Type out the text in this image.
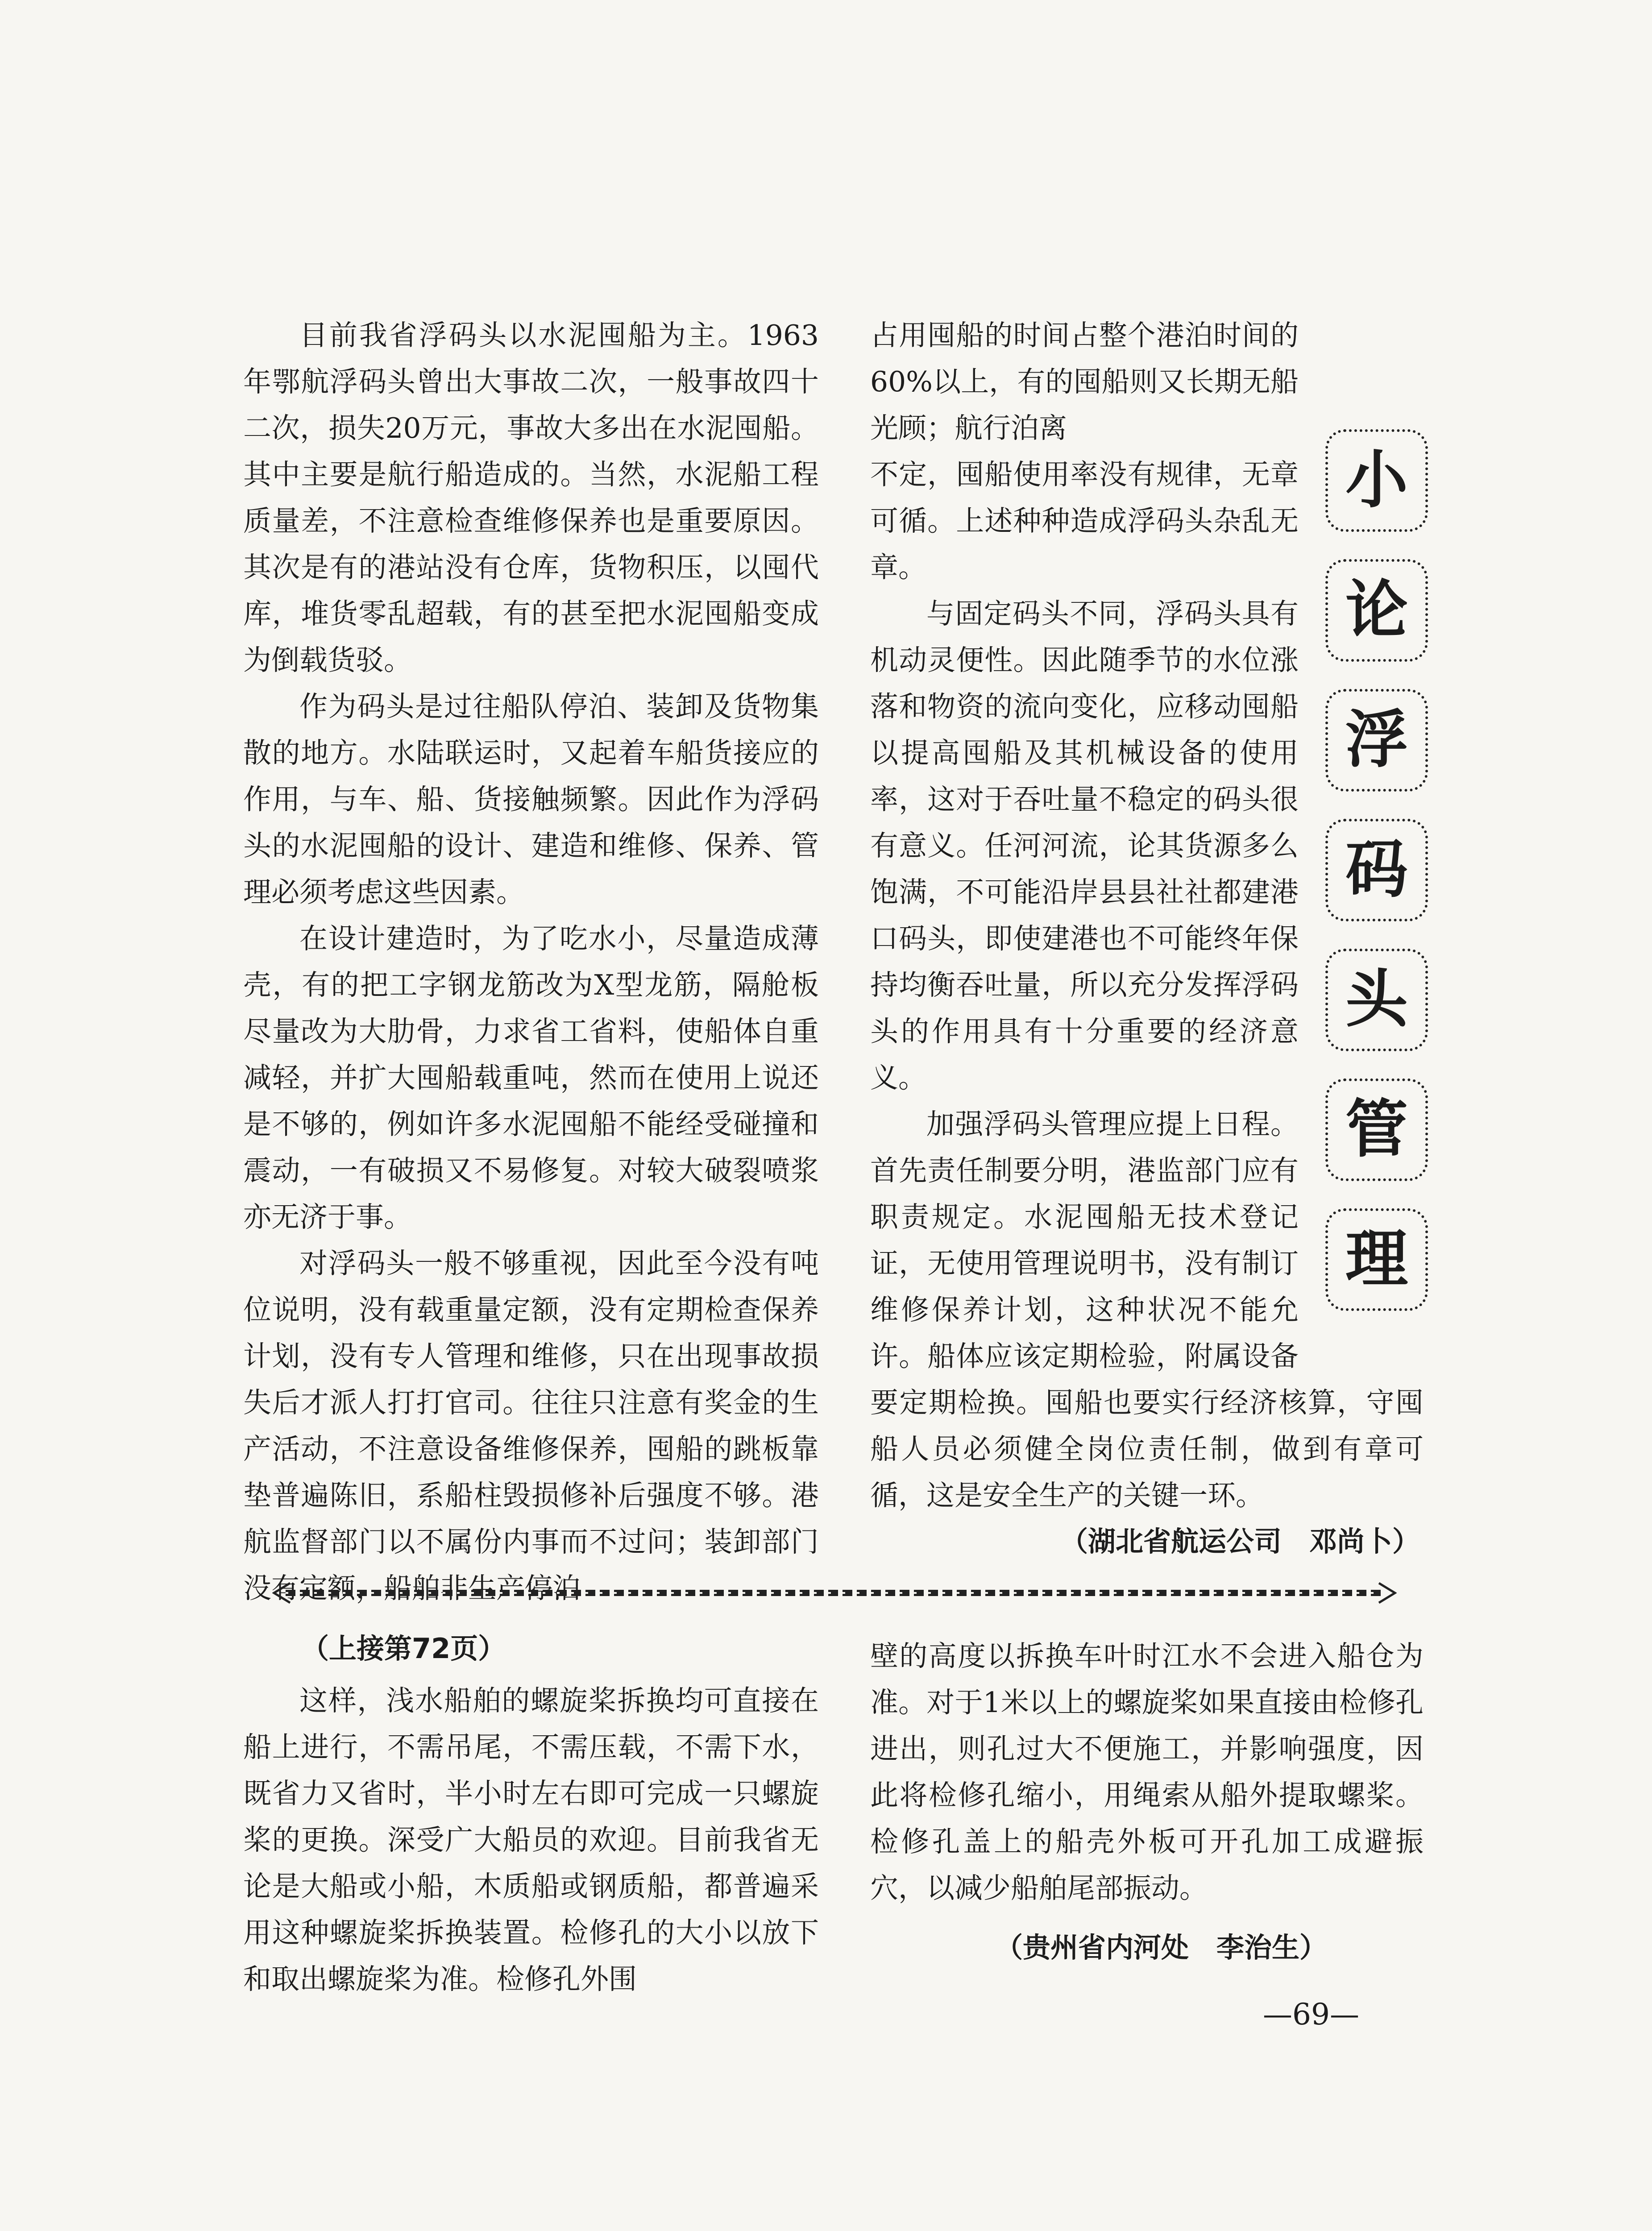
目前我省浮码头以水泥囤船为主。1963年鄂航浮码头曾出大事故二次，一般事故四十二次，损失20万元，事故大多出在水泥囤船。其中主要是航行船造成的。当然，水泥船工程质量差，不注意检查维修保养也是重要原因。其次是有的港站没有仓库，货物积压，以囤代库，堆货零乱超载，有的甚至把水泥囤船变成为倒载货驳。

作为码头是过往船队停泊、装卸及货物集散的地方。水陆联运时，又起着车船货接应的作用，与车、船、货接触频繁。因此作为浮码头的水泥囤船的设计、建造和维修、保养、管理必须考虑这些因素。

在设计建造时，为了吃水小，尽量造成薄壳，有的把工字钢龙筋改为X型龙筋，隔舱板尽量改为大肋骨，力求省工省料，使船体自重减轻，并扩大囤船载重吨，然而在使用上说还是不够的，例如许多水泥囤船不能经受碰撞和震动，一有破损又不易修复。对较大破裂喷浆亦无济于事。

对浮码头一般不够重视，因此至今没有吨位说明，没有载重量定额，没有定期检查保养计划，没有专人管理和维修，只在出现事故损失后才派人打打官司。往往只注意有奖金的生产活动，不注意设备维修保养，囤船的跳板靠垫普遍陈旧，系船柱毁损修补后强度不够。港航监督部门以不属份内事而不过问；装卸部门没有定额，船舶非生产停泊

小
论
浮
码
头
管
理

占用囤船的时间占整个港泊时间的60%以上，有的囤船则又长期无船光顾；航行泊离

不定，囤船使用率没有规律，无章可循。上述种种造成浮码头杂乱无章。

与固定码头不同，浮码头具有机动灵便性。因此随季节的水位涨落和物资的流向变化，应移动囤船以提高囤船及其机械设备的使用率，这对于吞吐量不稳定的码头很有意义。任河河流，论其货源多么饱满，不可能沿岸县县社社都建港口码头，即使建港也不可能终年保持均衡吞吐量，所以充分发挥浮码头的作用具有十分重要的经济意义。

加强浮码头管理应提上日程。首先责任制要分明，港监部门应有职责规定。水泥囤船无技术登记证，无使用管理说明书，没有制订维修保养计划，这种状况不能允许。船体应该定期检验，附属设备要定期检换。囤船也要实行经济核算，守囤船人员必须健全岗位责任制，做到有章可循，这是安全生产的关键一环。

（湖北省航运公司　邓尚卜）
（上接第72页）

这样，浅水船舶的螺旋桨拆换均可直接在船上进行，不需吊尾，不需压载，不需下水，既省力又省时，半小时左右即可完成一只螺旋桨的更换。深受广大船员的欢迎。目前我省无论是大船或小船，木质船或钢质船，都普遍采用这种螺旋桨拆换装置。检修孔的大小以放下和取出螺旋桨为准。检修孔外围

壁的高度以拆换车叶时江水不会进入船仓为准。对于1米以上的螺旋桨如果直接由检修孔进出，则孔过大不便施工，并影响强度，因此将检修孔缩小，用绳索从船外提取螺桨。检修孔盖上的船壳外板可开孔加工成避振穴，以减少船舶尾部振动。

（贵州省内河处　李治生）
—69—
